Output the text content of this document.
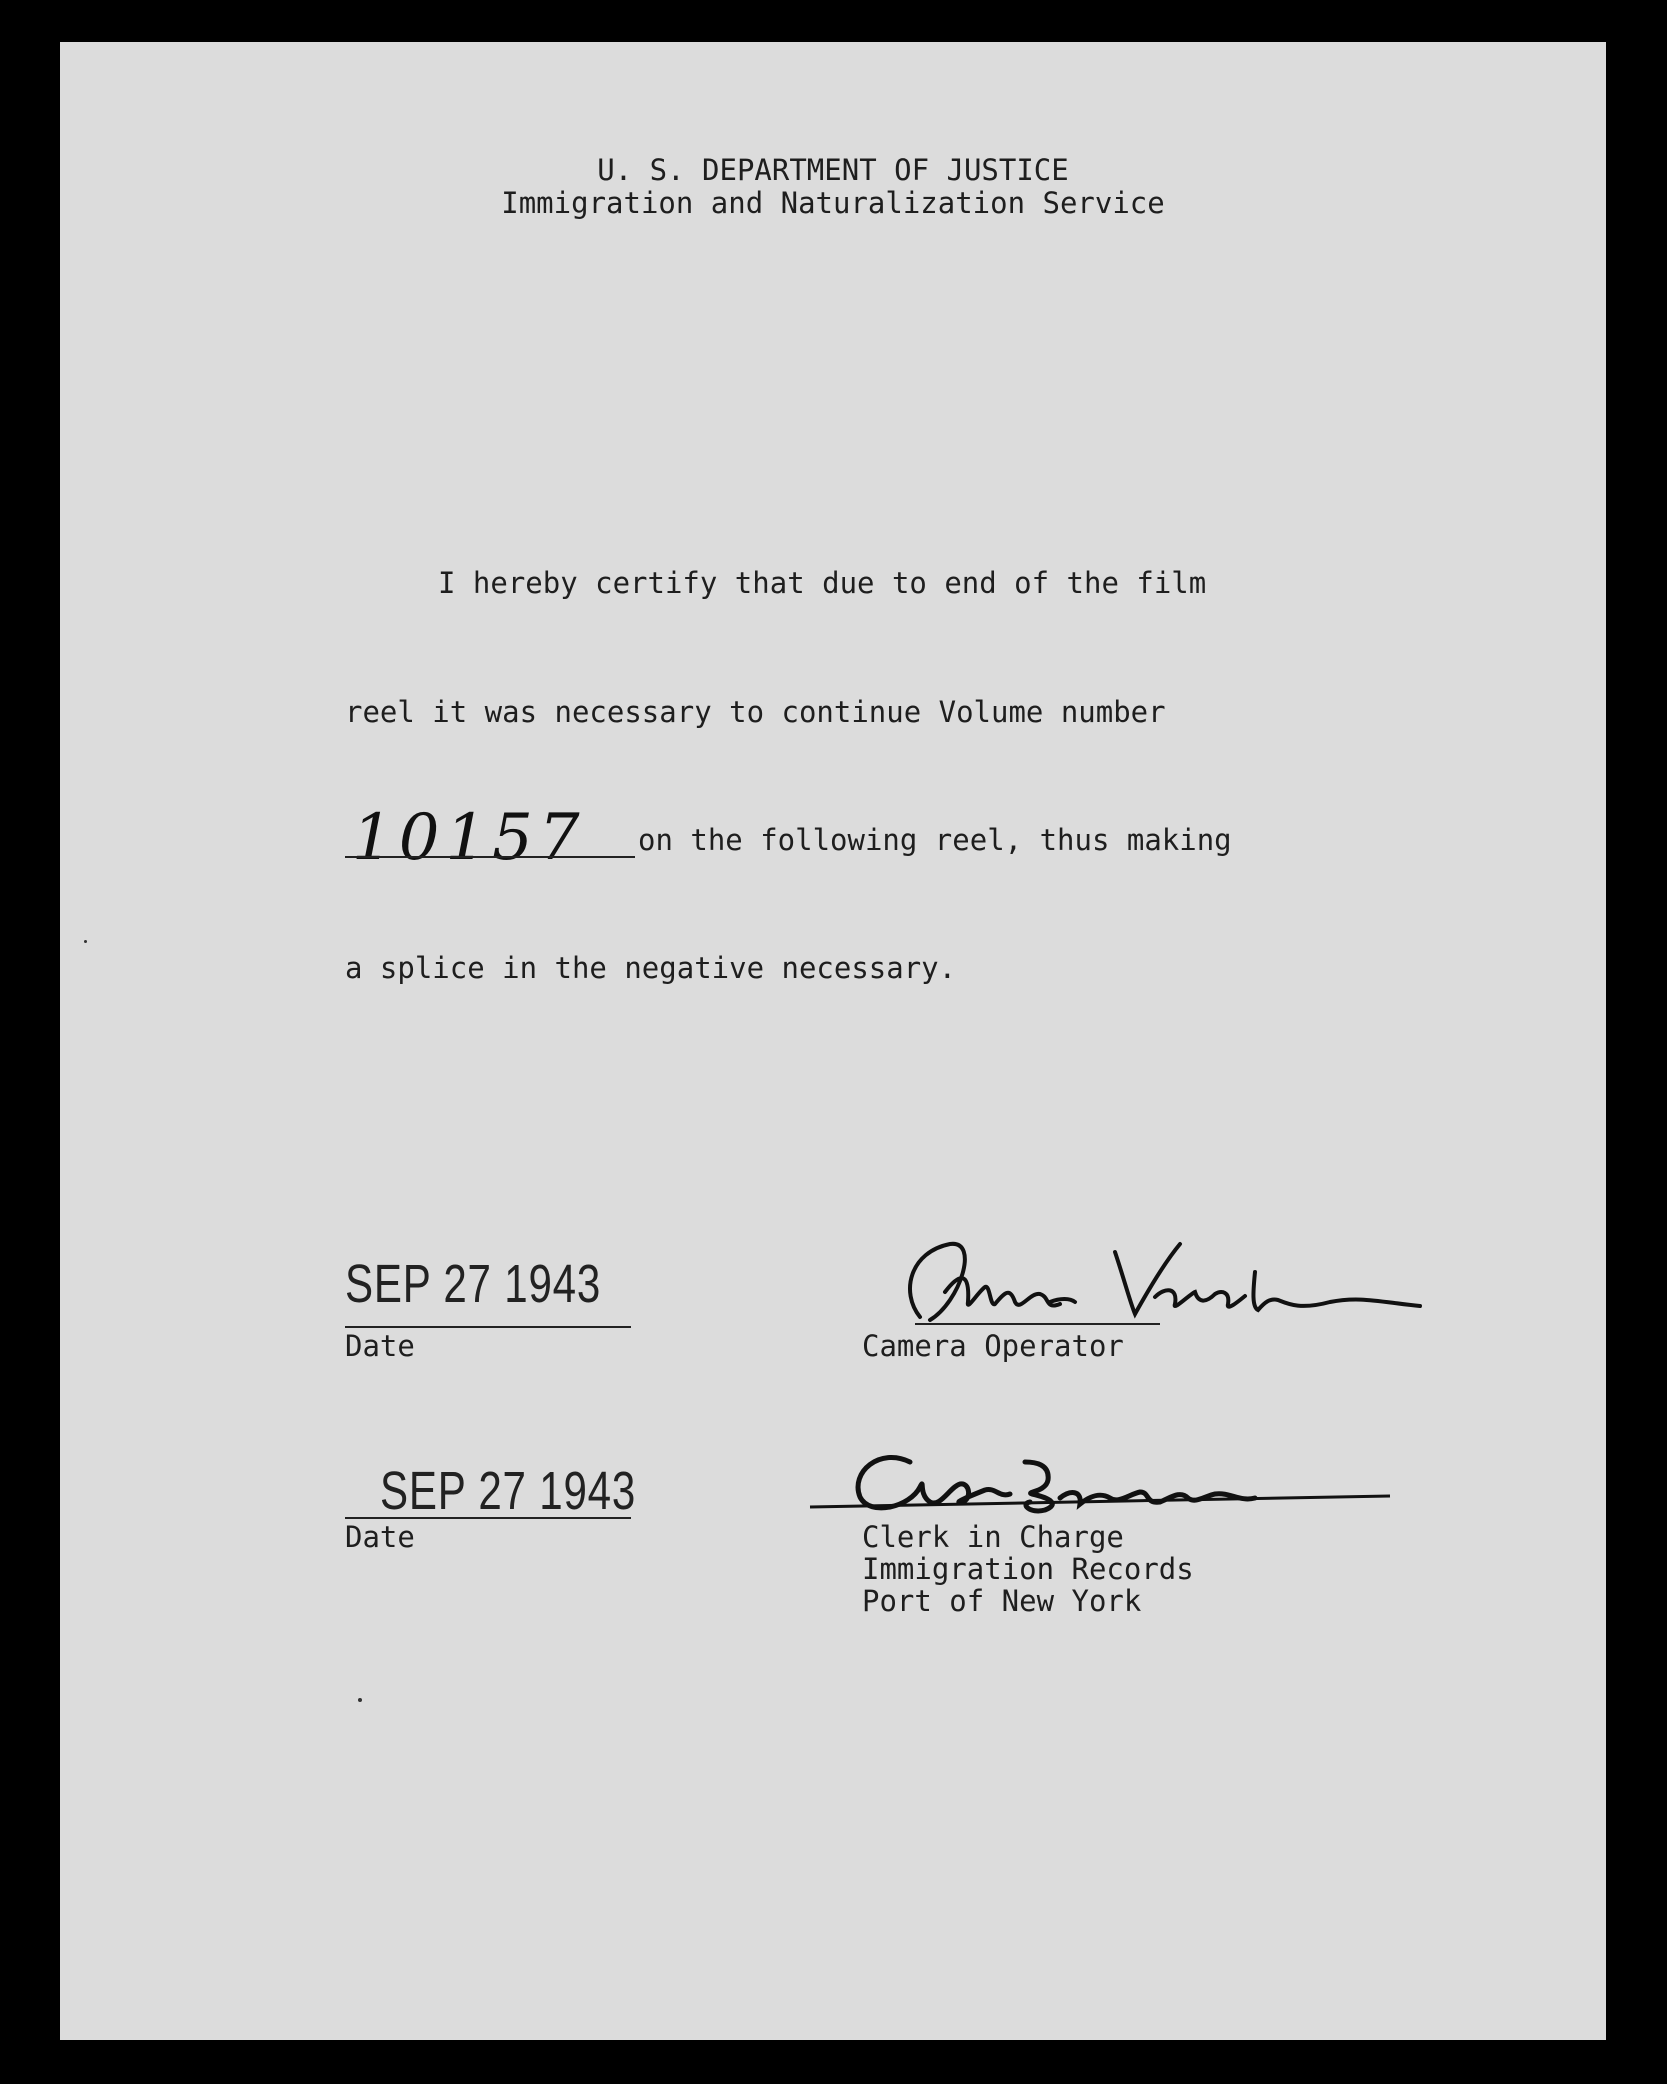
U. S. DEPARTMENT OF JUSTICE
Immigration and Naturalization Service
I hereby certify that due to end of the film
reel it was necessary to continue Volume number
10157 on the following reel, thus making
a splice in the negative necessary.
SEP 27 1943
Date	Camera Operator
SEP 27 1943
Date	Clerk in Charge
Immigration Records
Port of New York
